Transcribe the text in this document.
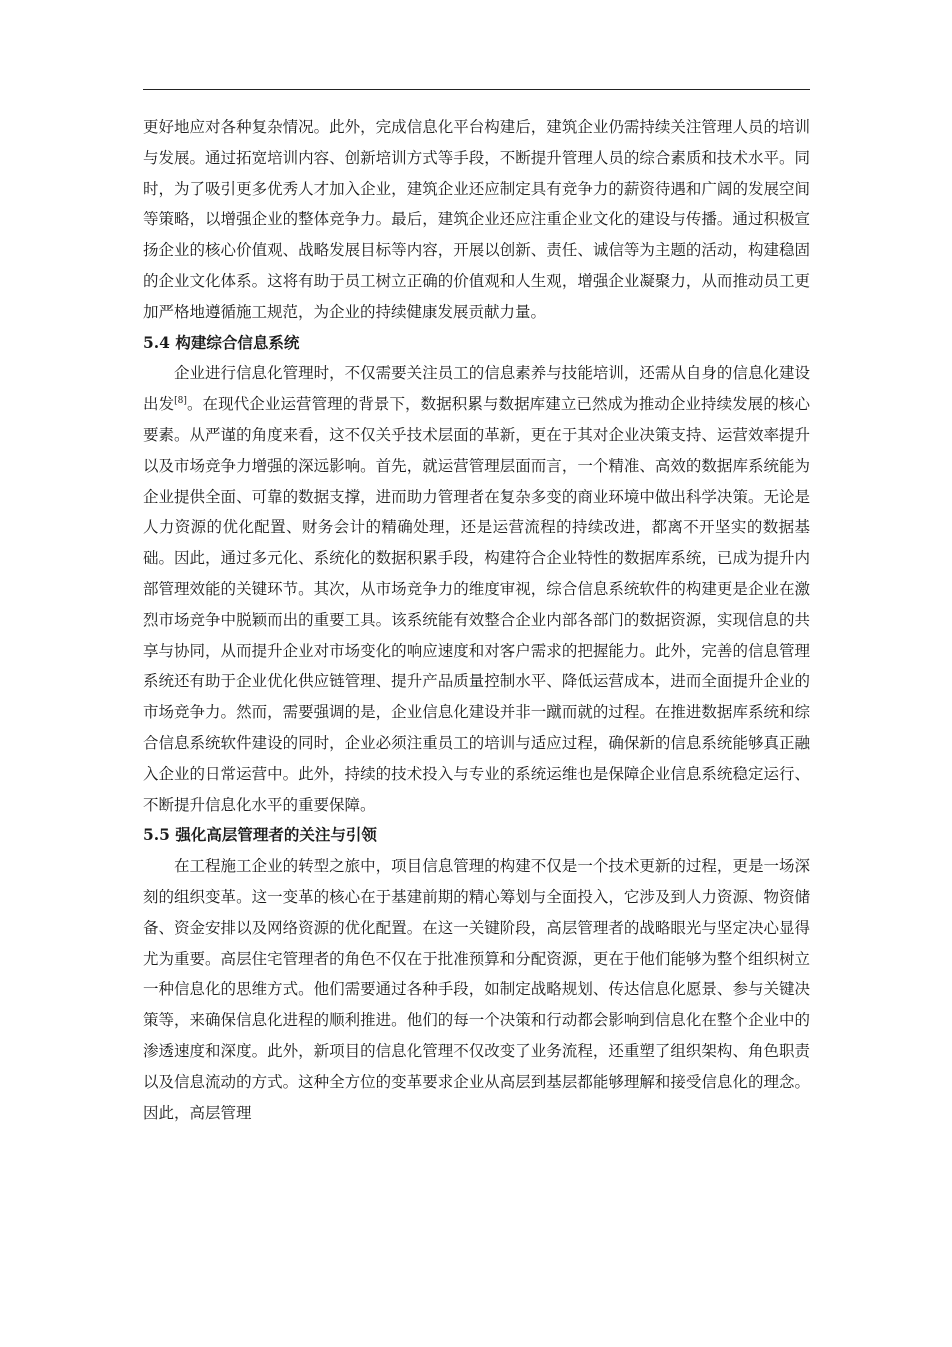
更好地应对各种复杂情况。此外，完成信息化平台构建后，建筑企业仍需持续关注管理人员的培训与发展。通过拓宽培训内容、创新培训方式等手段，不断提升管理人员的综合素质和技术水平。同时，为了吸引更多优秀人才加入企业，建筑企业还应制定具有竞争力的薪资待遇和广阔的发展空间等策略，以增强企业的整体竞争力。最后，建筑企业还应注重企业文化的建设与传播。通过积极宣扬企业的核心价值观、战略发展目标等内容，开展以创新、责任、诚信等为主题的活动，构建稳固的企业文化体系。这将有助于员工树立正确的价值观和人生观，增强企业凝聚力，从而推动员工更加严格地遵循施工规范，为企业的持续健康发展贡献力量。

5.4 构建综合信息系统

企业进行信息化管理时，不仅需要关注员工的信息素养与技能培训，还需从自身的信息化建设出发[8]。在现代企业运营管理的背景下，数据积累与数据库建立已然成为推动企业持续发展的核心要素。从严谨的角度来看，这不仅关乎技术层面的革新，更在于其对企业决策支持、运营效率提升以及市场竞争力增强的深远影响。首先，就运营管理层面而言，一个精准、高效的数据库系统能为企业提供全面、可靠的数据支撑，进而助力管理者在复杂多变的商业环境中做出科学决策。无论是人力资源的优化配置、财务会计的精确处理，还是运营流程的持续改进，都离不开坚实的数据基础。因此，通过多元化、系统化的数据积累手段，构建符合企业特性的数据库系统，已成为提升内部管理效能的关键环节。其次，从市场竞争力的维度审视，综合信息系统软件的构建更是企业在激烈市场竞争中脱颖而出的重要工具。该系统能有效整合企业内部各部门的数据资源，实现信息的共享与协同，从而提升企业对市场变化的响应速度和对客户需求的把握能力。此外，完善的信息管理系统还有助于企业优化供应链管理、提升产品质量控制水平、降低运营成本，进而全面提升企业的市场竞争力。然而，需要强调的是，企业信息化建设并非一蹴而就的过程。在推进数据库系统和综合信息系统软件建设的同时，企业必须注重员工的培训与适应过程，确保新的信息系统能够真正融入企业的日常运营中。此外，持续的技术投入与专业的系统运维也是保障企业信息系统稳定运行、不断提升信息化水平的重要保障。

5.5 强化高层管理者的关注与引领

在工程施工企业的转型之旅中，项目信息管理的构建不仅是一个技术更新的过程，更是一场深刻的组织变革。这一变革的核心在于基建前期的精心筹划与全面投入，它涉及到人力资源、物资储备、资金安排以及网络资源的优化配置。在这一关键阶段，高层管理者的战略眼光与坚定决心显得尤为重要。高层住宅管理者的角色不仅在于批准预算和分配资源，更在于他们能够为整个组织树立一种信息化的思维方式。他们需要通过各种手段，如制定战略规划、传达信息化愿景、参与关键决策等，来确保信息化进程的顺利推进。他们的每一个决策和行动都会影响到信息化在整个企业中的渗透速度和深度。此外，新项目的信息化管理不仅改变了业务流程，还重塑了组织架构、角色职责以及信息流动的方式。这种全方位的变革要求企业从高层到基层都能够理解和接受信息化的理念。因此，高层管理
